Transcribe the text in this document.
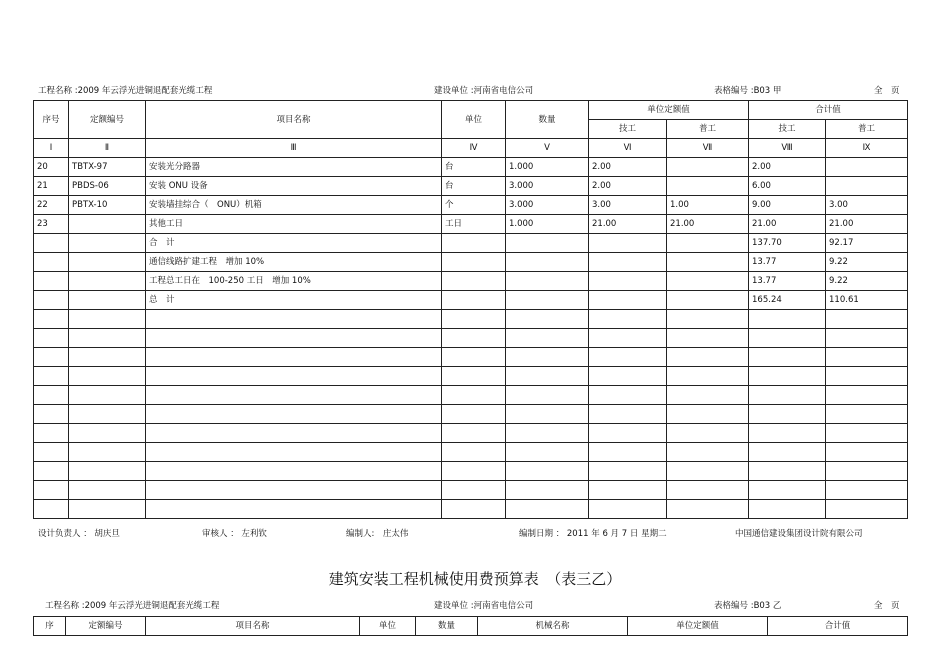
工程名称 :2009 年云浮光进铜退配套光缆工程	建设单位 :河南省电信公司	表格编号 :B03 甲	全　页
序号	定额编号	项目名称	单位	数量	单位定额值		合计值	
					技工	普工	技工	普工
Ⅰ	Ⅱ	Ⅲ	Ⅳ	Ⅴ	Ⅵ	Ⅶ	Ⅷ	Ⅸ
20	TBTX-97	安装光分路器	台	1.000	2.00		2.00	
21	PBDS-06	安装 ONU 设备	台	3.000	2.00		6.00	
22	PBTX-10	安装墙挂综合（　ONU）机箱	个	3.000	3.00	1.00	9.00	3.00
23		其他工日	工日	1.000	21.00	21.00	21.00	21.00
		合　计					137.70	92.17
		通信线路扩建工程　增加 10%					13.77	9.22
		工程总工日在　100-250 工日　增加 10%					13.77	9.22
		总　计					165.24	110.61

设计负责人 ： 胡庆旦	审核人 ： 左利钦	编制人:　庄太伟	编制日期 ： 2011 年 6 月 7 日 星期二	中国通信建设集团设计院有限公司
建筑安装工程机械使用费预算表　（表三乙）
工程名称 :2009 年云浮光进铜退配套光缆工程	建设单位 :河南省电信公司	表格编号 :B03 乙	全　页
序	定额编号	项目名称	单位	数量	机械名称	单位定额值	合计值
